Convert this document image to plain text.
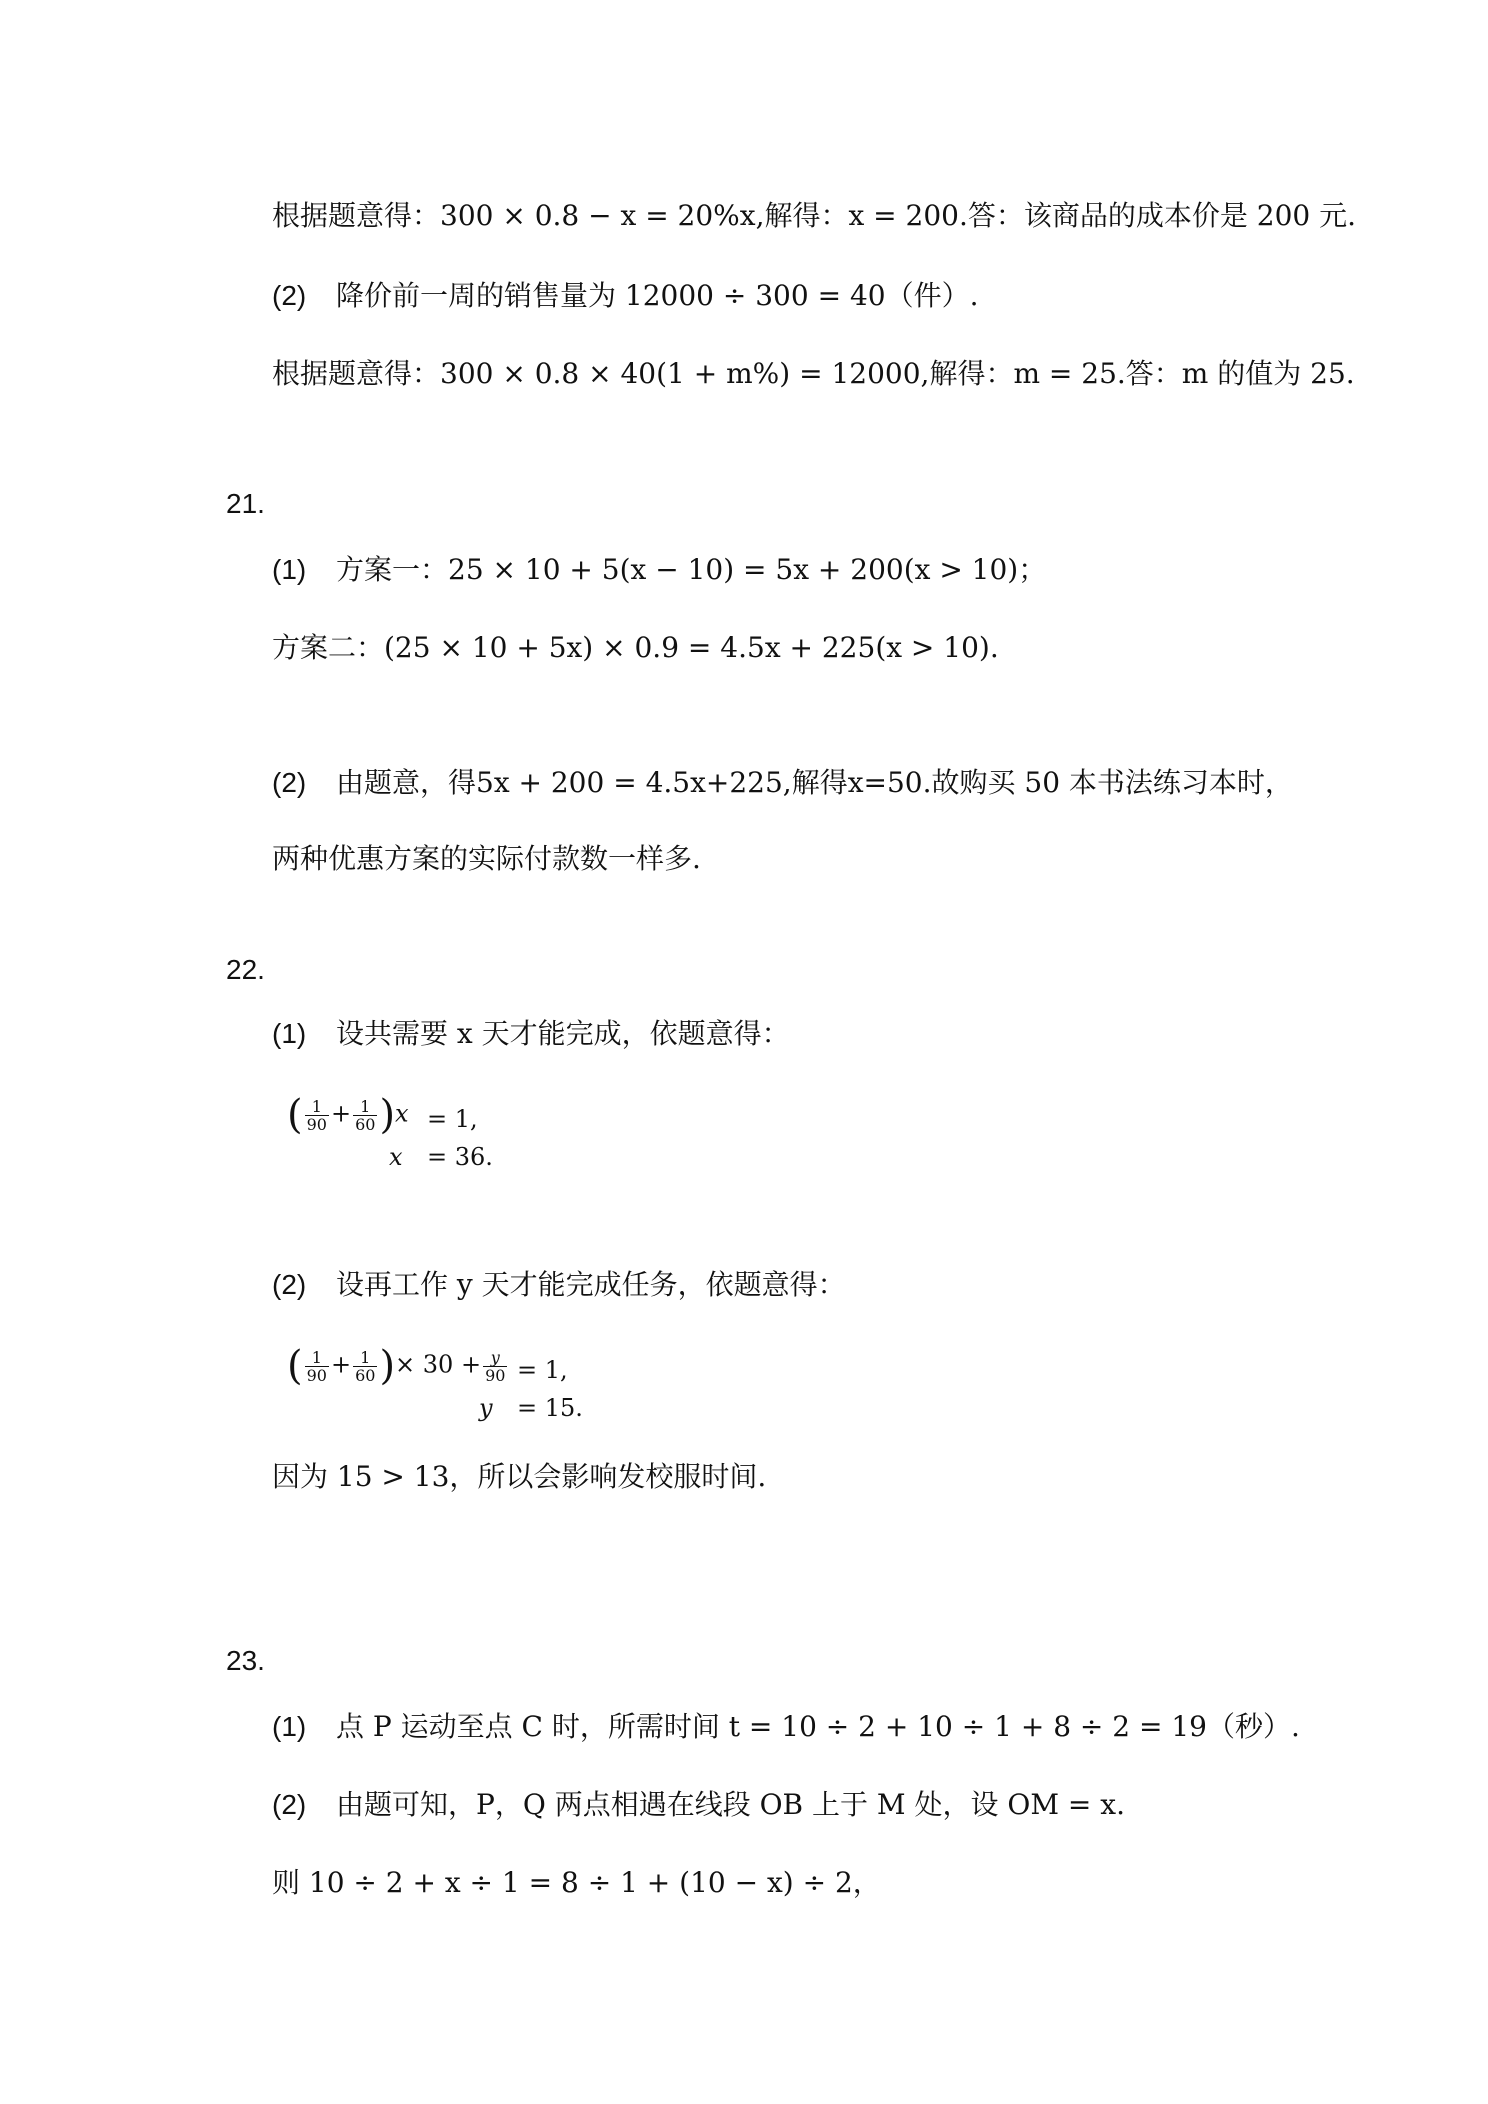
根据题意得：300 × 0.8 − x = 20%x,解得：x = 200.答：该商品的成本价是 200 元.
(2) 降价前一周的销售量为 12000 ÷ 300 = 40（件）.
根据题意得：300 × 0.8 × 40(1 + m%) = 12000,解得：m = 25.答：m 的值为 25.
21.
(1) 方案一：25 × 10 + 5(x − 10) = 5x + 200(x > 10)；
方案二：(25 × 10 + 5x) × 0.9 = 4.5x + 225(x > 10).
(2) 由题意，得5x + 200 = 4.5x+225,解得x=50.故购买 50 本书法练习本时，
两种优惠方案的实际付款数一样多.
22.
(1) 设共需要 x 天才能完成，依题意得：
( $\frac{1}{90} + \frac{1}{60} )x = 1$,
x = 36.
(2) 设再工作 y 天才能完成任务，依题意得：
( $\frac{1}{90} + \frac{1}{60}$ )× $30 + \frac{y}{90} = 1$,
y = 15.
因为 15 > 13，所以会影响发校服时间.
23.
(1) 点 P 运动至点 C 时，所需时间 t = 10 ÷ 2 + 10 ÷ 1 + 8 ÷ 2 = 19（秒）.
(2) 由题可知，P，Q 两点相遇在线段 OB 上于 M 处，设 OM = x.
则 10 ÷ 2 + x ÷ 1 = 8 ÷ 1 + (10 − x) ÷ 2，
